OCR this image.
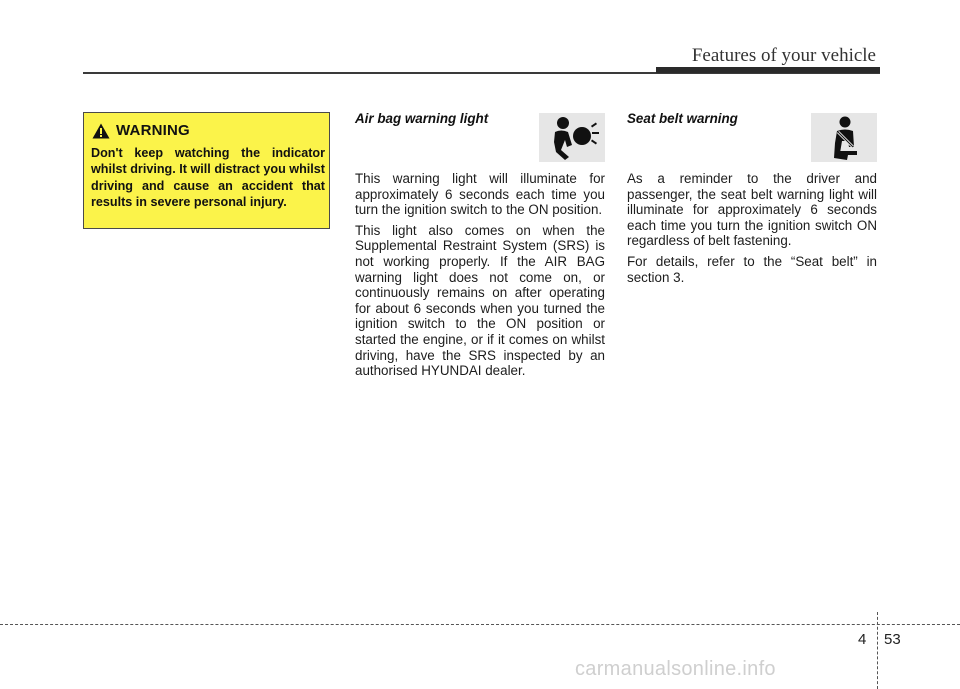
Features of your vehicle
WARNING
Don't keep watching the indicator whilst driving. It will distract you whilst driving and cause an accident that results in severe personal injury.
Air bag warning light

This warning light will illuminate for approximately 6 seconds each time you turn the ignition switch to the ON position.

This light also comes on when the Supplemental Restraint System (SRS) is not working properly. If the AIR BAG warning light does not come on, or continuously remains on after operating for about 6 seconds when you turned the ignition switch to the ON position or started the engine, or if it comes on whilst driving, have the SRS inspected by an authorised HYUNDAI dealer.

Seat belt warning

As a reminder to the driver and passenger, the seat belt warning light will illuminate for approximately 6 seconds each time you turn the ignition switch ON regardless of belt fastening.

For details, refer to the “Seat belt” in section 3.

4 53
carmanualsonline.info
